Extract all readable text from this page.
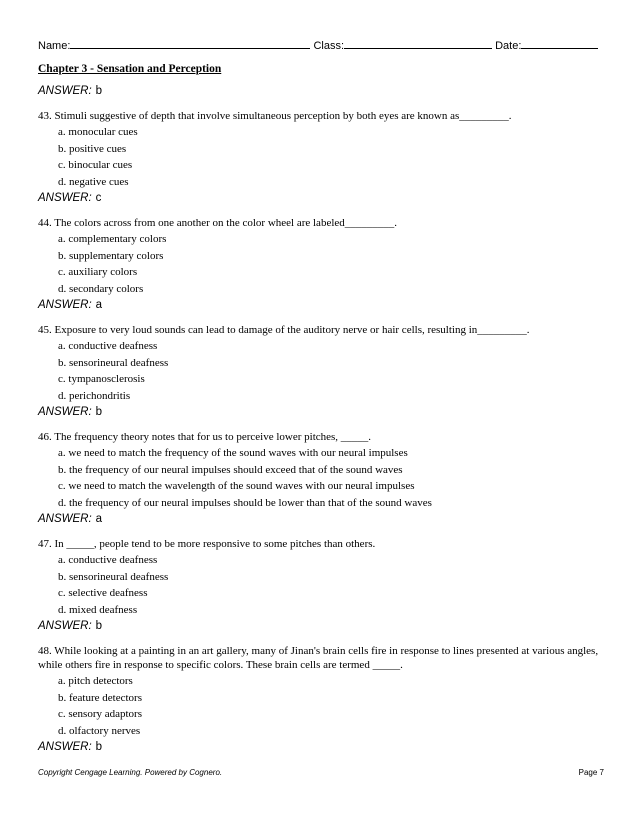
Name:	Class:	Date:
Chapter 3 - Sensation and Perception

ANSWER: b

43. Stimuli suggestive of depth that involve simultaneous perception by both eyes are known as_________.

a. monocular cues

b. positive cues

c. binocular cues

d. negative cues

ANSWER: c

44. The colors across from one another on the color wheel are labeled_________.

a. complementary colors

b. supplementary colors

c. auxiliary colors

d. secondary colors

ANSWER: a

45. Exposure to very loud sounds can lead to damage of the auditory nerve or hair cells, resulting in_________.

a. conductive deafness

b. sensorineural deafness

c. tympanosclerosis

d. perichondritis

ANSWER: b

46. The frequency theory notes that for us to perceive lower pitches, _____.

a. we need to match the frequency of the sound waves with our neural impulses

b. the frequency of our neural impulses should exceed that of the sound waves

c. we need to match the wavelength of the sound waves with our neural impulses

d. the frequency of our neural impulses should be lower than that of the sound waves

ANSWER: a

47. In _____, people tend to be more responsive to some pitches than others.

a. conductive deafness

b. sensorineural deafness

c. selective deafness

d. mixed deafness

ANSWER: b

48. While looking at a painting in an art gallery, many of Jinan's brain cells fire in response to lines presented at various angles, while others fire in response to specific colors. These brain cells are termed _____.

a. pitch detectors

b. feature detectors

c. sensory adaptors

d. olfactory nerves

ANSWER: b

Copyright Cengage Learning. Powered by Cognero.	Page 7
